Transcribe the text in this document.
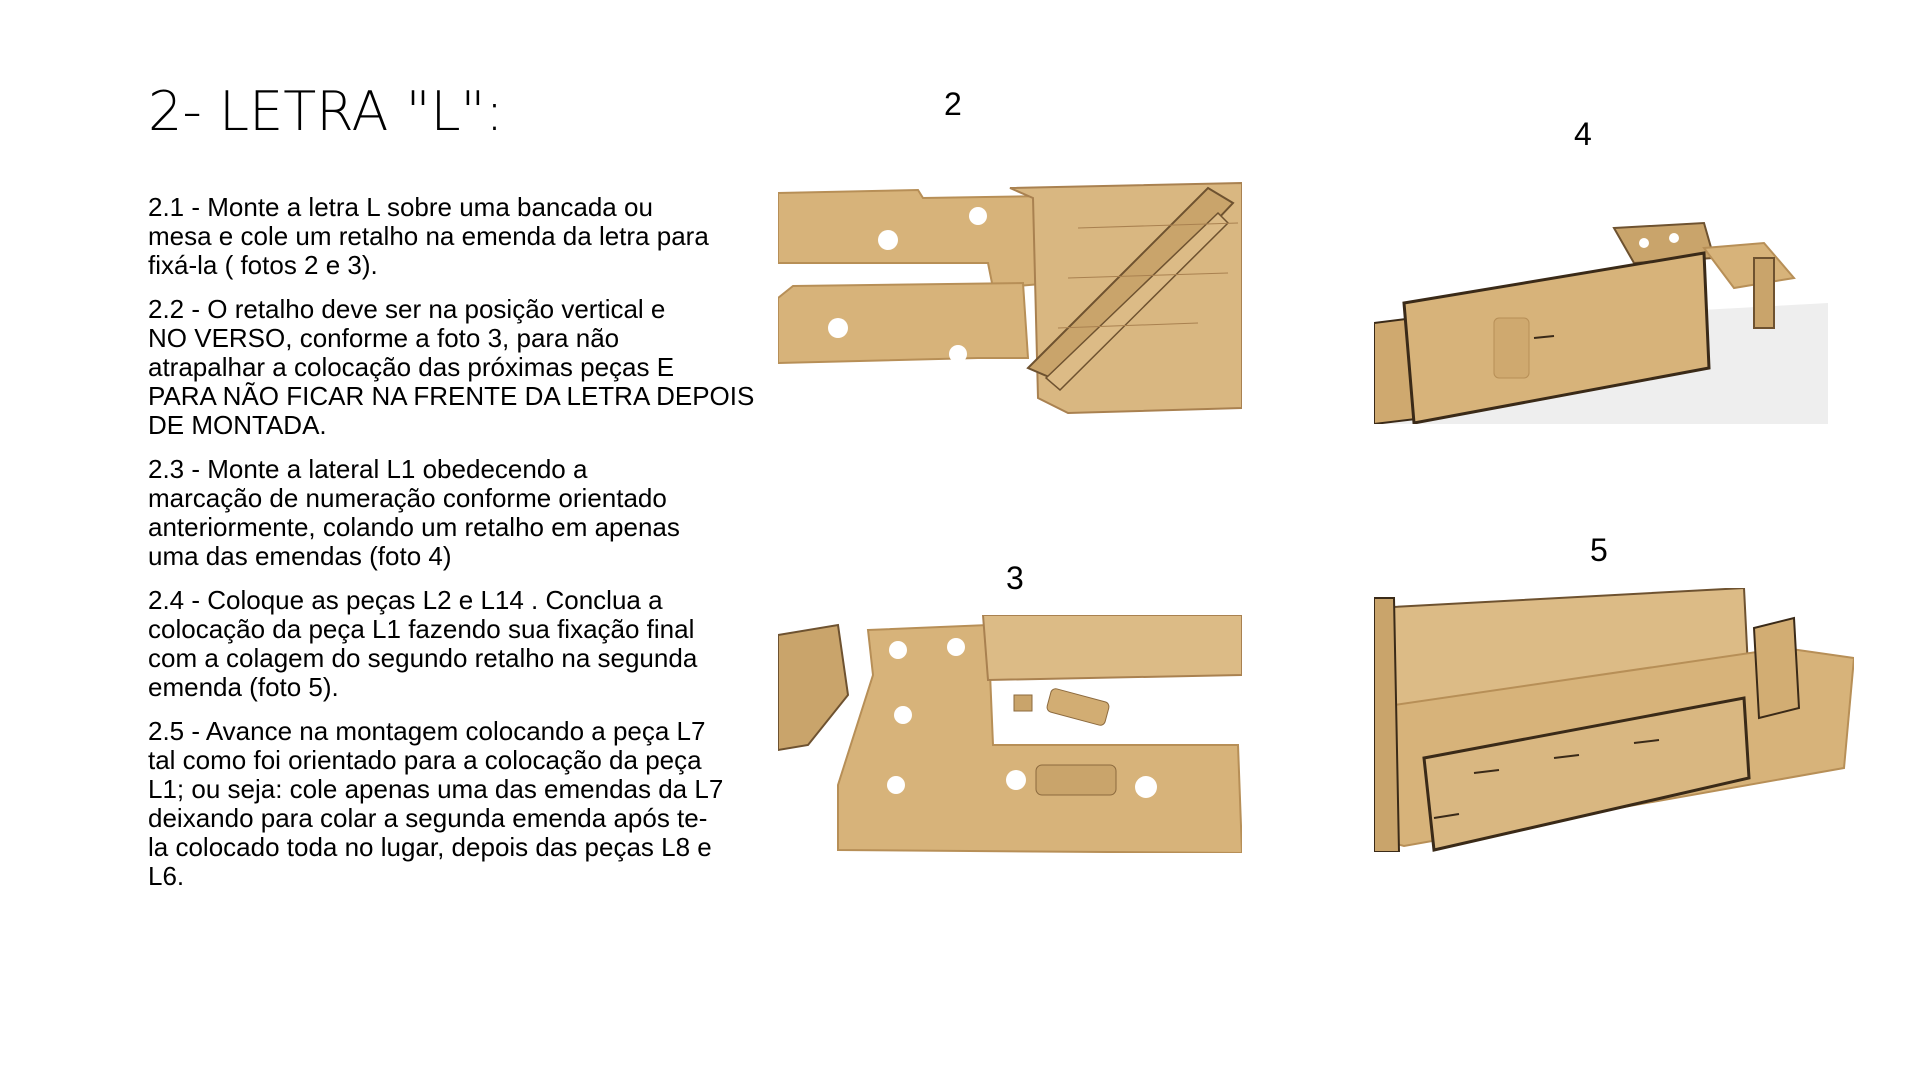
2- LETRA "L":

2.1 - Monte a letra L sobre uma bancada ou
mesa e cole um retalho na emenda da letra para
fixá-la ( fotos 2 e 3).

2.2 - O retalho deve ser na posição vertical e
NO VERSO, conforme a foto 3, para não
atrapalhar a colocação das próximas peças E
PARA NÃO FICAR NA FRENTE DA LETRA DEPOIS
DE MONTADA.

2.3 - Monte a lateral L1 obedecendo a
marcação de numeração conforme orientado
anteriormente, colando um retalho em apenas
uma das emendas (foto 4)

2.4 - Coloque as peças L2 e L14 . Conclua a
colocação da peça L1 fazendo sua fixação final
com a colagem do segundo retalho na segunda
emenda (foto 5).

2.5 - Avance na montagem colocando a peça L7
tal como foi orientado para a colocação da peça
L1; ou seja: cole apenas uma das emendas da L7
deixando para colar a segunda emenda após te-
la colocado toda no lugar, depois das peças L8 e
L6.

2
3
4
5
